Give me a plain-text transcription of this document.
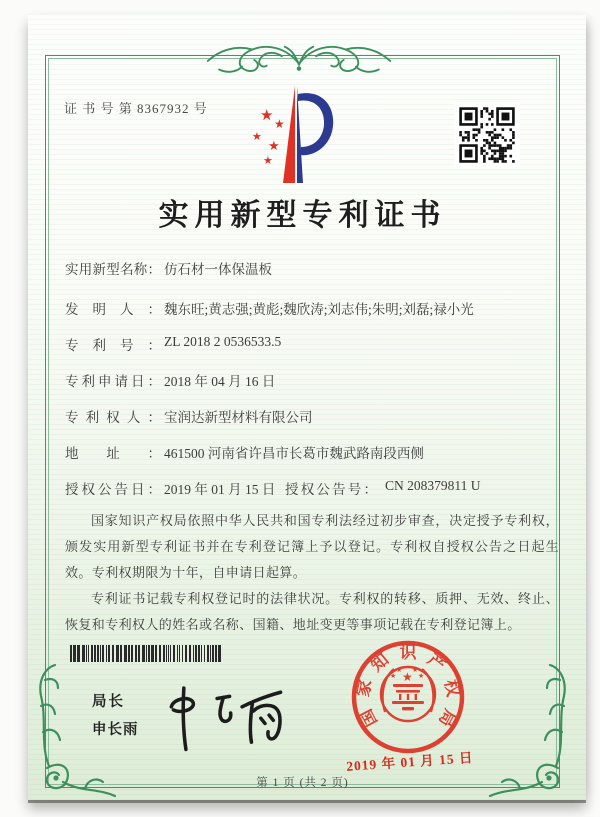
证 书 号 第 8367932 号	★ ★
★
★
★
实用新型专利证书
实用新型名称： 仿石材一体保温板
发明人： 魏东旺;黄志强;黄彪;魏欣涛;刘志伟;朱明;刘磊;禄小光
专利号： ZL 2018 2 0536533.5
专利申请日： 2018 年 04 月 16 日
专利权人： 宝润达新型材料有限公司
地址： 461500 河南省许昌市长葛市魏武路南段西侧
授权公告日： 2019 年 01 月 15 日 授权公告号： CN 208379811 U

国家知识产权局依照中华人民共和国专利法经过初步审查，决定授予专利权，颁发实用新型专利证书并在专利登记簿上予以登记。专利权自授权公告之日起生效。专利权期限为十年，自申请日起算。

专利证书记载专利权登记时的法律状况。专利权的转移、质押、无效、终止、恢复和专利权人的姓名或名称、国籍、地址变更等事项记载在专利登记簿上。

局长
申长雨
国
家
知 识 产
权
局
★
★
★ ★
★
2019 年 01 月 15 日
第 1 页 (共 2 页)
